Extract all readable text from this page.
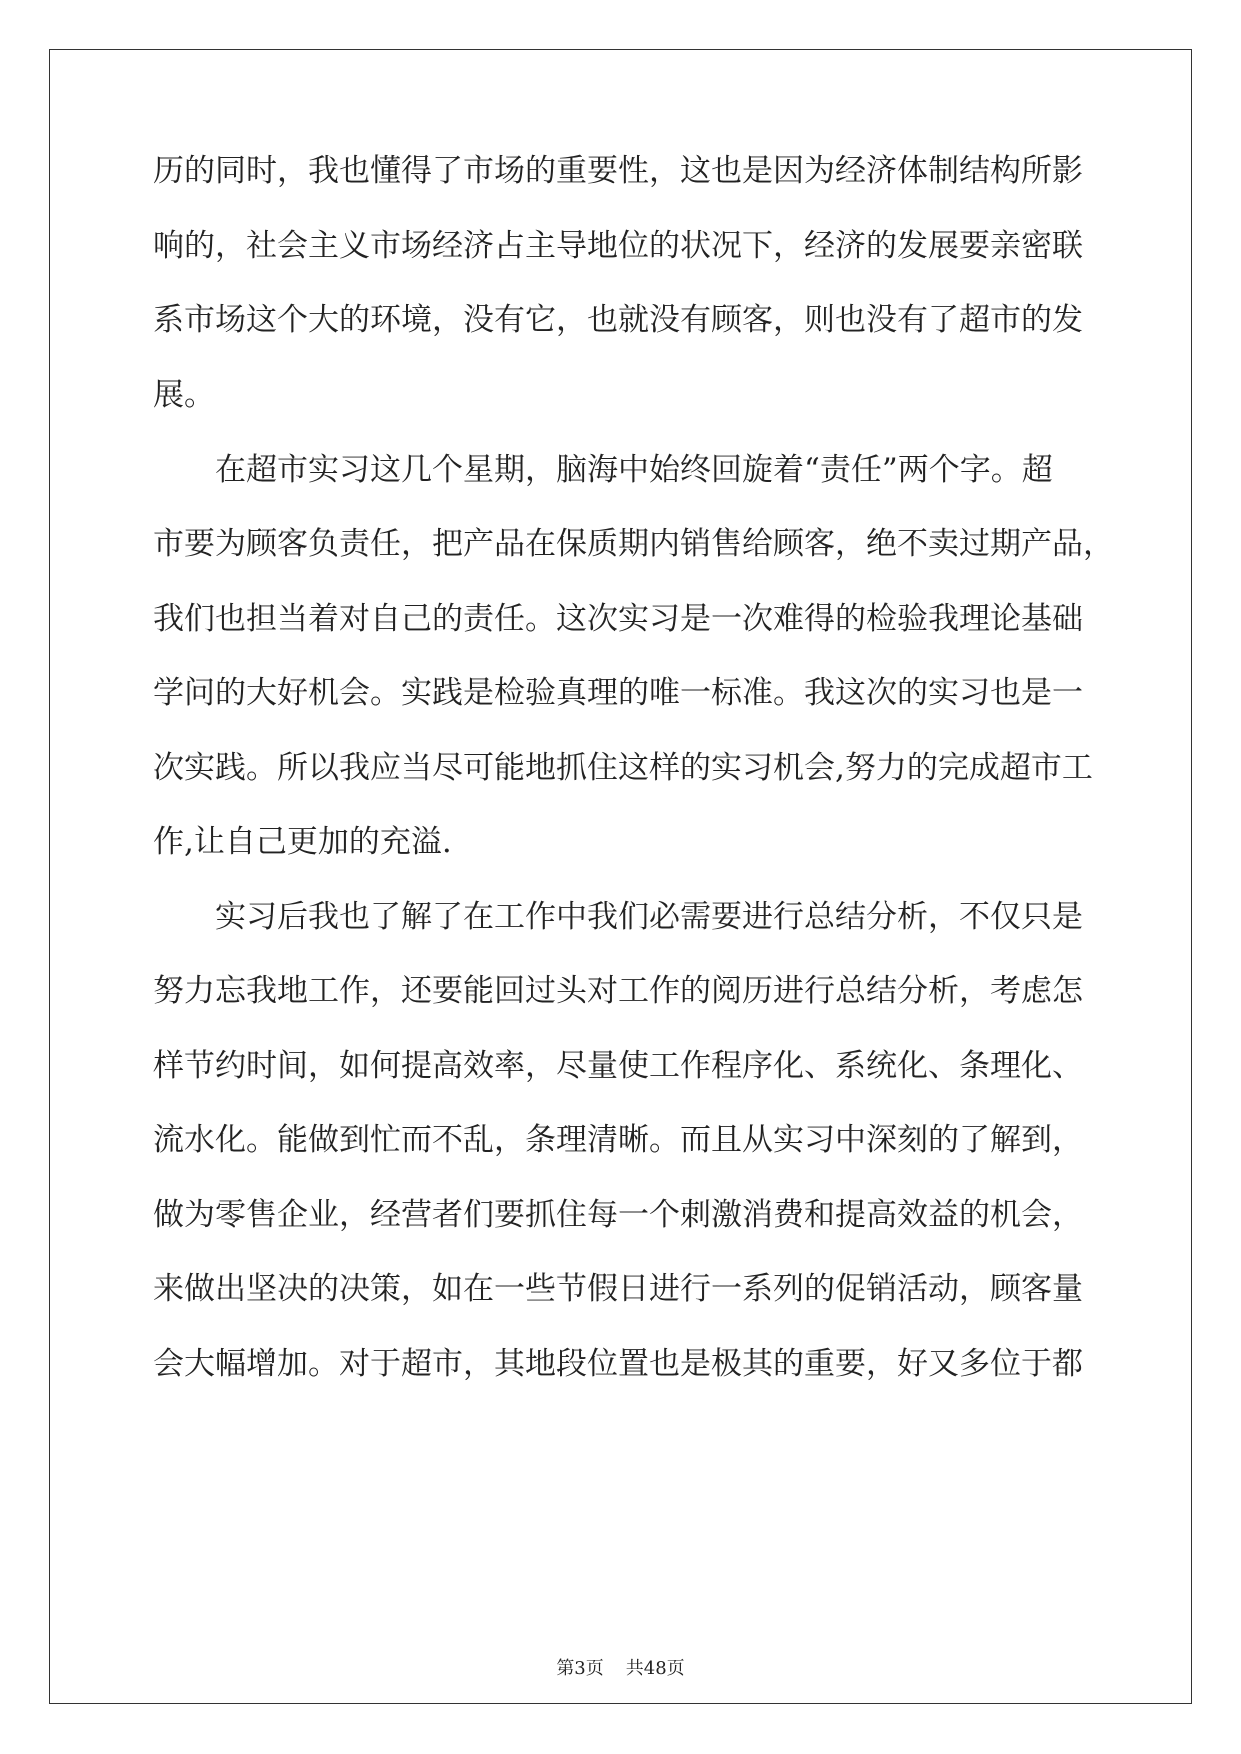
历的同时，我也懂得了市场的重要性，这也是因为经济体制结构所影
响的，社会主义市场经济占主导地位的状况下，经济的发展要亲密联
系市场这个大的环境，没有它，也就没有顾客，则也没有了超市的发
展。
　　在超市实习这几个星期，脑海中始终回旋着“责任”两个字。超
市要为顾客负责任，把产品在保质期内销售给顾客，绝不卖过期产品，
我们也担当着对自己的责任。这次实习是一次难得的检验我理论基础
学问的大好机会。实践是检验真理的唯一标准。我这次的实习也是一
次实践。所以我应当尽可能地抓住这样的实习机会,努力的完成超市工
作,让自己更加的充溢.
　　实习后我也了解了在工作中我们必需要进行总结分析，不仅只是
努力忘我地工作，还要能回过头对工作的阅历进行总结分析，考虑怎
样节约时间，如何提高效率，尽量使工作程序化、系统化、条理化、
流水化。能做到忙而不乱，条理清晰。而且从实习中深刻的了解到，
做为零售企业，经营者们要抓住每一个刺激消费和提高效益的机会，
来做出坚决的决策，如在一些节假日进行一系列的促销活动，顾客量
会大幅增加。对于超市，其地段位置也是极其的重要，好又多位于都
第3页 共48页
